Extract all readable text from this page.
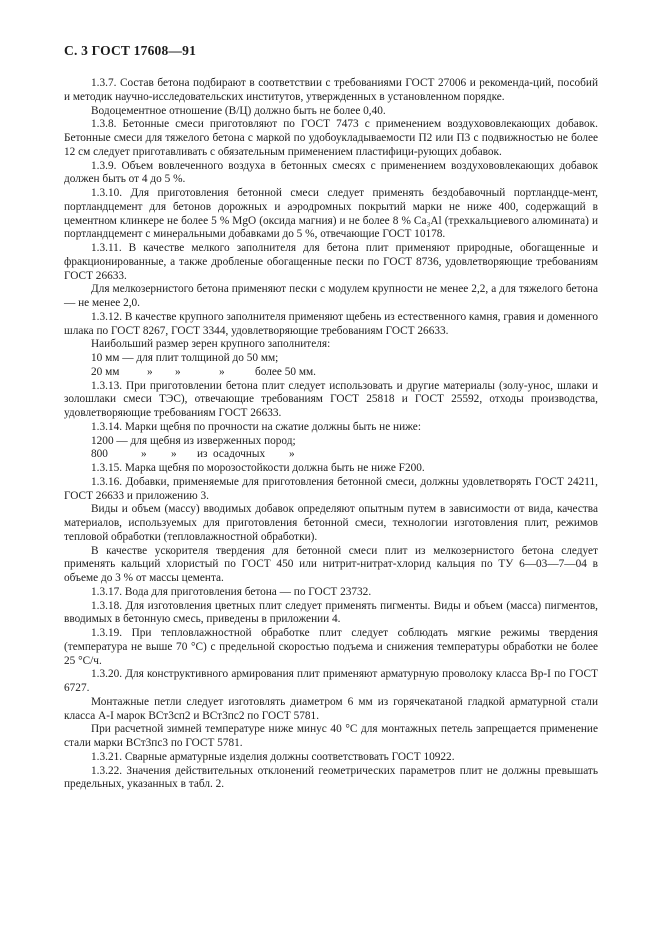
С. 3 ГОСТ 17608—91

1.3.7. Состав бетона подбирают в соответствии с требованиями ГОСТ 27006 и рекоменда-ций, пособий и методик научно-исследовательских институтов, утвержденных в установленном порядке.

Водоцементное отношение (В/Ц) должно быть не более 0,40.

1.3.8. Бетонные смеси приготовляют по ГОСТ 7473 с применением воздухововлекающих добавок. Бетонные смеси для тяжелого бетона с маркой по удобоукладываемости П2 или П3 с подвижностью не более 12 см следует приготавливать с обязательным применением пластифици-рующих добавок.

1.3.9. Объем вовлеченного воздуха в бетонных смесях с применением воздухововлекающих добавок должен быть от 4 до 5 %.

1.3.10. Для приготовления бетонной смеси следует применять бездобавочный портландце-мент, портландцемент для бетонов дорожных и аэродромных покрытий марки не ниже 400, содержащий в цементном клинкере не более 5 % MgO (оксида магния) и не более 8 % Ca₃Al (трехкальциевого алюмината) и портландцемент с минеральными добавками до 5 %, отвечающие ГОСТ 10178.

1.3.11. В качестве мелкого заполнителя для бетона плит применяют природные, обогащенные и фракционированные, а также дробленые обогащенные пески по ГОСТ 8736, удовлетворяющие требованиям ГОСТ 26633.

Для мелкозернистого бетона применяют пески с модулем крупности не менее 2,2, а для тяжелого бетона — не менее 2,0.

1.3.12. В качестве крупного заполнителя применяют щебень из естественного камня, гравия и доменного шлака по ГОСТ 8267, ГОСТ 3344, удовлетворяющие требованиям ГОСТ 26633.

Наибольший размер зерен крупного заполнителя:

10 мм — для плит толщиной до 50 мм;
20 мм	»	»	»	более 50 мм.

1.3.13. При приготовлении бетона плит следует использовать и другие материалы (золу-унос, шлаки и золошлаки смеси ТЭС), отвечающие требованиям ГОСТ 25818 и ГОСТ 25592, отходы производства, удовлетворяющие требованиям ГОСТ 26633.

1.3.14. Марки щебня по прочности на сжатие должны быть не ниже:

1200 — для щебня из изверженных пород;
800	»	»	из осадочных	»

1.3.15. Марка щебня по морозостойкости должна быть не ниже F200.

1.3.16. Добавки, применяемые для приготовления бетонной смеси, должны удовлетворять ГОСТ 24211, ГОСТ 26633 и приложению 3.

Виды и объем (массу) вводимых добавок определяют опытным путем в зависимости от вида, качества материалов, используемых для приготовления бетонной смеси, технологии изготовления плит, режимов тепловой обработки (тепловлажностной обработки).

В качестве ускорителя твердения для бетонной смеси плит из мелкозернистого бетона следует применять кальций хлористый по ГОСТ 450 или нитрит-нитрат-хлорид кальция по ТУ 6—03—7—04 в объеме до 3 % от массы цемента.

1.3.17. Вода для приготовления бетона — по ГОСТ 23732.

1.3.18. Для изготовления цветных плит следует применять пигменты. Виды и объем (масса) пигментов, вводимых в бетонную смесь, приведены в приложении 4.

1.3.19. При тепловлажностной обработке плит следует соблюдать мягкие режимы твердения (температура не выше 70 °С) с предельной скоростью подъема и снижения температуры обработки не более 25 °С/ч.

1.3.20. Для конструктивного армирования плит применяют арматурную проволоку класса Вр-I по ГОСТ 6727.

Монтажные петли следует изготовлять диаметром 6 мм из горячекатаной гладкой арматурной стали класса А-I марок ВСт3сп2 и ВСт3пс2 по ГОСТ 5781.

При расчетной зимней температуре ниже минус 40 °С для монтажных петель запрещается применение стали марки ВСт3пс3 по ГОСТ 5781.

1.3.21. Сварные арматурные изделия должны соответствовать ГОСТ 10922.

1.3.22. Значения действительных отклонений геометрических параметров плит не должны превышать предельных, указанных в табл. 2.
